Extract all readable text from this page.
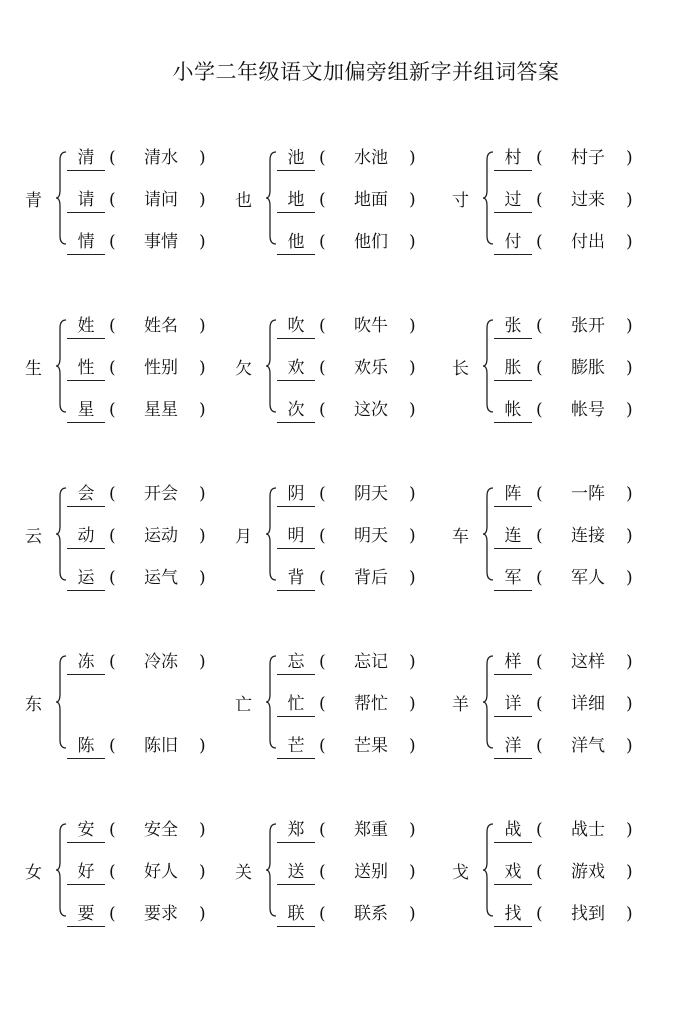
小学二年级语文加偏旁组新字并组词答案
青
清 (	清水	)
请 (	请问	)
情 (	事情	)
也
池 (	水池	)
地 (	地面	)
他 (	他们	)
寸
村 (	村子	)
过 (	过来	)
付 (	付出	)
生
姓 (	姓名	)
性 (	性别	)
星 (	星星	)
欠
吹 (	吹牛	)
欢 (	欢乐	)
次 (	这次	)
长
张 (	张开	)
胀 (	膨胀	)
帐 (	帐号	)
云
会 (	开会	)
动 (	运动	)
运 (	运气	)
月
阴 (	阴天	)
明 (	明天	)
背 (	背后	)
车
阵 (	一阵	)
连 (	连接	)
军 (	军人	)
东
冻 (	冷冻	)
陈 (	陈旧	)
亡
忘 (	忘记	)
忙 (	帮忙	)
芒 (	芒果	)
羊
样 (	这样	)
详 (	详细	)
洋 (	洋气	)
女
安 (	安全	)
好 (	好人	)
要 (	要求	)
关
郑 (	郑重	)
送 (	送别	)
联 (	联系	)
戈
战 (	战士	)
戏 (	游戏	)
找 (	找到	)
